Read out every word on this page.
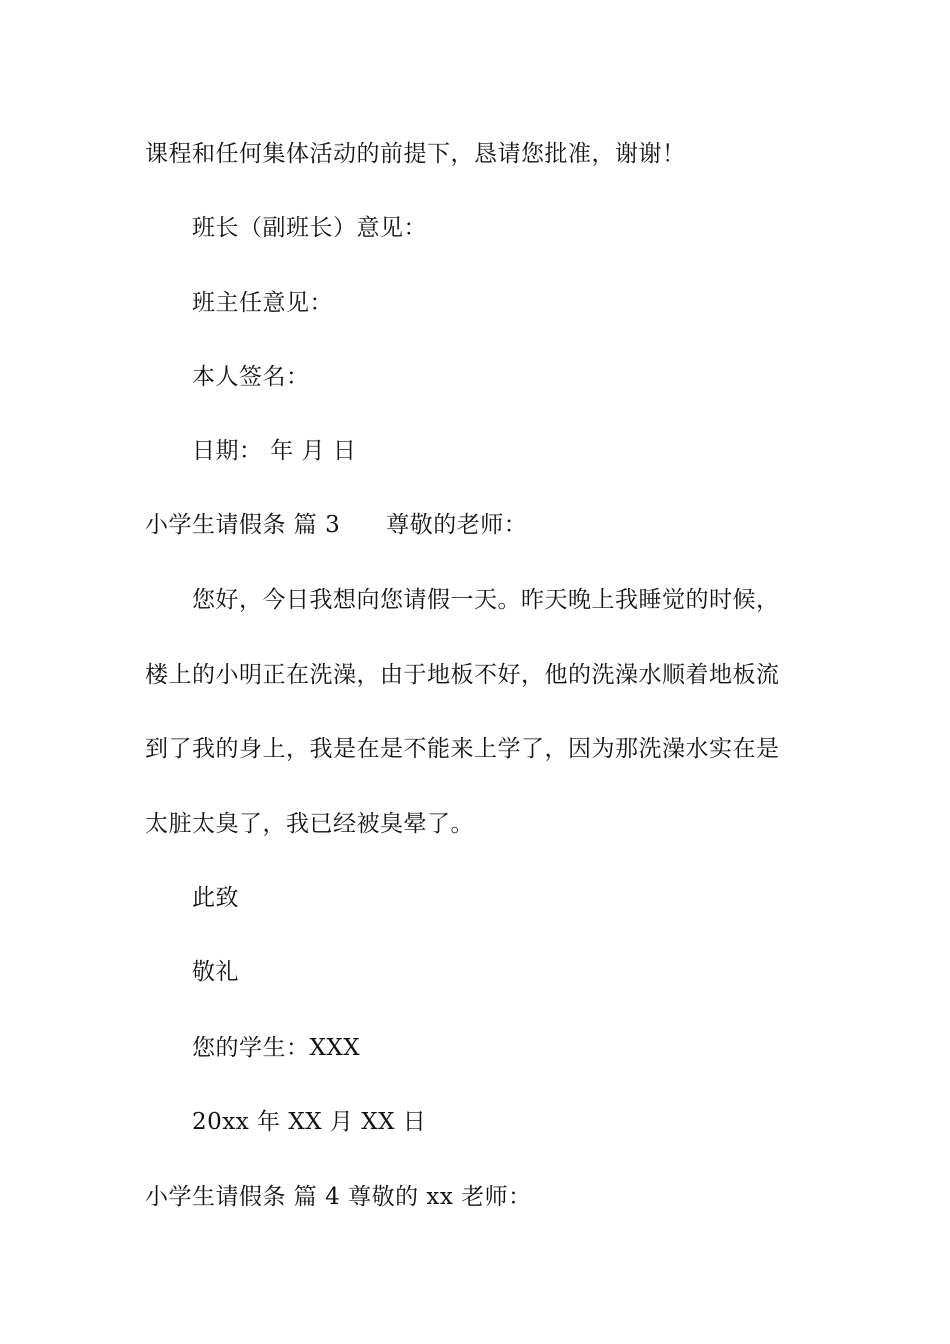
课程和任何集体活动的前提下，恳请您批准，谢谢！
班长（副班长）意见：
班主任意见：
本人签名：
日期： 年 月 日
小学生请假条 篇 3 尊敬的老师：
您好，今日我想向您请假一天。昨天晚上我睡觉的时候，
楼上的小明正在洗澡，由于地板不好，他的洗澡水顺着地板流
到了我的身上，我是在是不能来上学了，因为那洗澡水实在是
太脏太臭了，我已经被臭晕了。
此致
敬礼
您的学生：XXX
20xx 年 XX 月 XX 日
小学生请假条 篇 4 尊敬的 xx 老师：
